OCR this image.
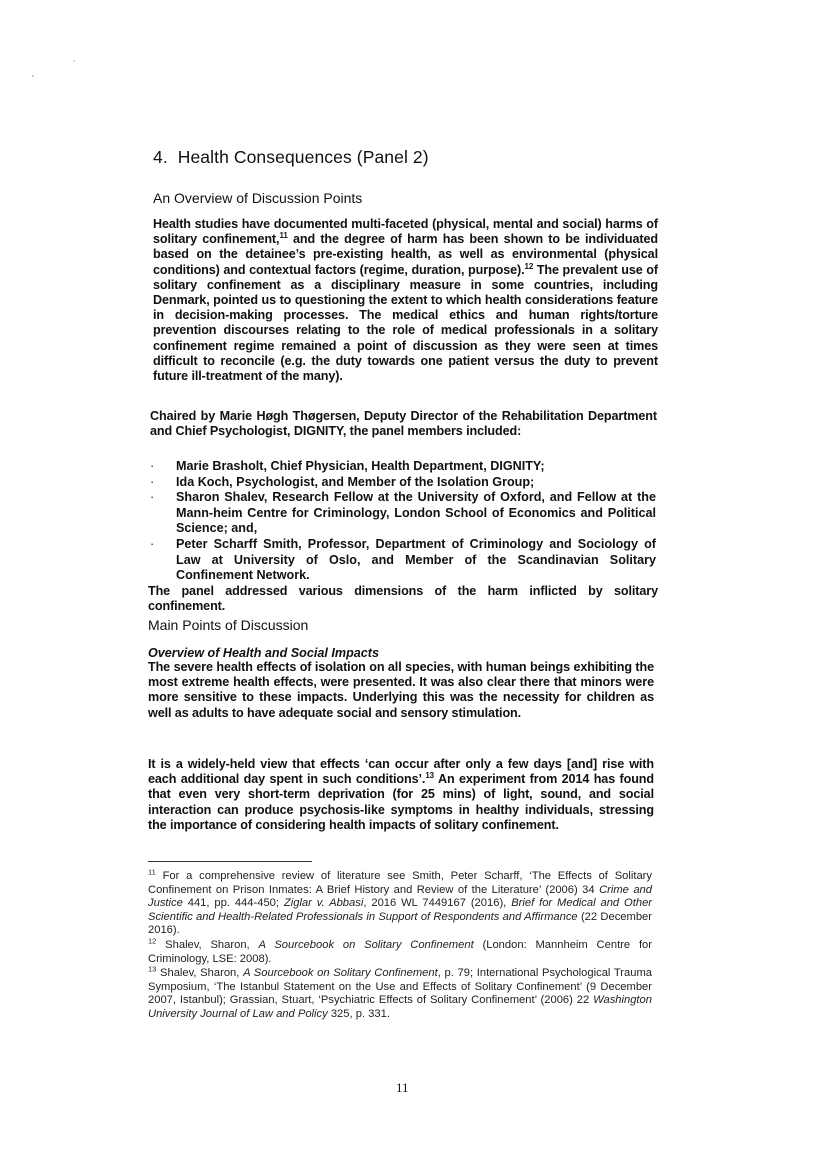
4.  Health Consequences (Panel 2)

An Overview of Discussion Points

Health studies have documented multi-faceted (physical, mental and social) harms of solitary confinement,$^{11}$ and the degree of harm has been shown to be individuated based on the detainee’s pre-existing health, as well as environmental (physical conditions) and contextual factors (regime, duration, purpose).$^{12}$ The prevalent use of solitary confinement as a disciplinary measure in some countries, including Denmark, pointed us to questioning the extent to which health considerations feature in decision-making processes. The medical ethics and human rights/torture prevention discourses relating to the role of medical professionals in a solitary confinement regime remained a point of discussion as they were seen at times difficult to reconcile (e.g. the duty towards one patient versus the duty to prevent future ill-treatment of the many).

Chaired by Marie Høgh Thøgersen, Deputy Director of the Rehabilitation Department and Chief Psychologist, DIGNITY, the panel members included:

· Marie Brasholt, Chief Physician, Health Department, DIGNITY;
· Ida Koch, Psychologist, and Member of the Isolation Group;
· Sharon Shalev, Research Fellow at the University of Oxford, and Fellow at the Mann-heim Centre for Criminology, London School of Economics and Political Science; and,
· Peter Scharff Smith, Professor, Department of Criminology and Sociology of Law at University of Oslo, and Member of the Scandinavian Solitary Confinement Network.

The panel addressed various dimensions of the harm inflicted by solitary confinement.

Main Points of Discussion

Overview of Health and Social Impacts

The severe health effects of isolation on all species, with human beings exhibiting the most extreme health effects, were presented. It was also clear there that minors were more sensitive to these impacts. Underlying this was the necessity for children as well as adults to have adequate social and sensory stimulation.

It is a widely-held view that effects ‘can occur after only a few days [and] rise with each additional day spent in such conditions’.$^{13}$ An experiment from 2014 has found that even very short-term deprivation (for 25 mins) of light, sound, and social interaction can produce psychosis-like symptoms in healthy individuals, stressing the importance of considering health impacts of solitary confinement.

$^{11}$ For a comprehensive review of literature see Smith, Peter Scharff, ‘The Effects of Solitary Confinement on Prison Inmates: A Brief History and Review of the Literature’ (2006) 34 Crime and Justice 441, pp. 444-450; Ziglar v. Abbasi, 2016 WL 7449167 (2016), Brief for Medical and Other Scientific and Health-Related Professionals in Support of Respondents and Affirmance (22 December 2016).

$^{12}$ Shalev, Sharon, A Sourcebook on Solitary Confinement (London: Mannheim Centre for Criminology, LSE: 2008).

$^{13}$ Shalev, Sharon, A Sourcebook on Solitary Confinement, p. 79; International Psychological Trauma Symposium, ‘The Istanbul Statement on the Use and Effects of Solitary Confinement’ (9 December 2007, Istanbul); Grassian, Stuart, ‘Psychiatric Effects of Solitary Confinement’ (2006) 22 Washington University Journal of Law and Policy 325, p. 331.

11
